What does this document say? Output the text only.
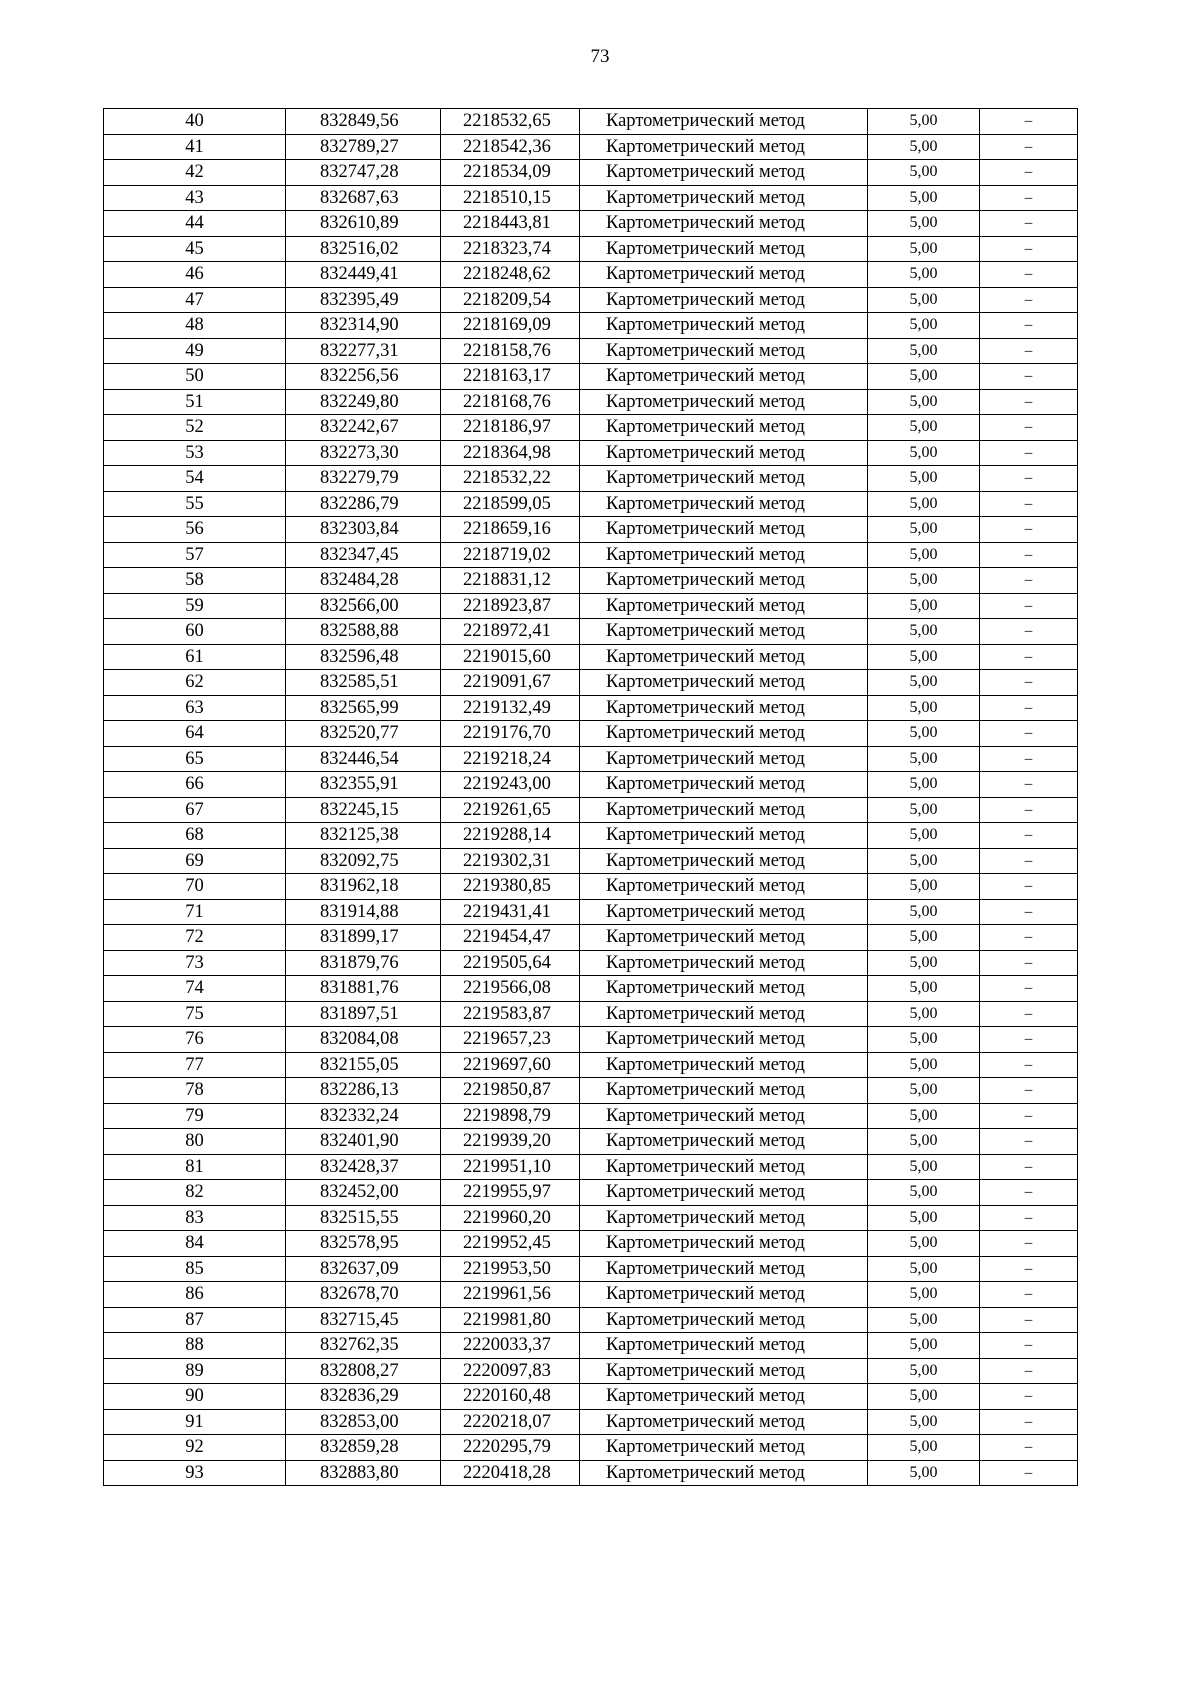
73
40	832849,56	2218532,65	Картометрический метод	5,00	–
41	832789,27	2218542,36	Картометрический метод	5,00	–
42	832747,28	2218534,09	Картометрический метод	5,00	–
43	832687,63	2218510,15	Картометрический метод	5,00	–
44	832610,89	2218443,81	Картометрический метод	5,00	–
45	832516,02	2218323,74	Картометрический метод	5,00	–
46	832449,41	2218248,62	Картометрический метод	5,00	–
47	832395,49	2218209,54	Картометрический метод	5,00	–
48	832314,90	2218169,09	Картометрический метод	5,00	–
49	832277,31	2218158,76	Картометрический метод	5,00	–
50	832256,56	2218163,17	Картометрический метод	5,00	–
51	832249,80	2218168,76	Картометрический метод	5,00	–
52	832242,67	2218186,97	Картометрический метод	5,00	–
53	832273,30	2218364,98	Картометрический метод	5,00	–
54	832279,79	2218532,22	Картометрический метод	5,00	–
55	832286,79	2218599,05	Картометрический метод	5,00	–
56	832303,84	2218659,16	Картометрический метод	5,00	–
57	832347,45	2218719,02	Картометрический метод	5,00	–
58	832484,28	2218831,12	Картометрический метод	5,00	–
59	832566,00	2218923,87	Картометрический метод	5,00	–
60	832588,88	2218972,41	Картометрический метод	5,00	–
61	832596,48	2219015,60	Картометрический метод	5,00	–
62	832585,51	2219091,67	Картометрический метод	5,00	–
63	832565,99	2219132,49	Картометрический метод	5,00	–
64	832520,77	2219176,70	Картометрический метод	5,00	–
65	832446,54	2219218,24	Картометрический метод	5,00	–
66	832355,91	2219243,00	Картометрический метод	5,00	–
67	832245,15	2219261,65	Картометрический метод	5,00	–
68	832125,38	2219288,14	Картометрический метод	5,00	–
69	832092,75	2219302,31	Картометрический метод	5,00	–
70	831962,18	2219380,85	Картометрический метод	5,00	–
71	831914,88	2219431,41	Картометрический метод	5,00	–
72	831899,17	2219454,47	Картометрический метод	5,00	–
73	831879,76	2219505,64	Картометрический метод	5,00	–
74	831881,76	2219566,08	Картометрический метод	5,00	–
75	831897,51	2219583,87	Картометрический метод	5,00	–
76	832084,08	2219657,23	Картометрический метод	5,00	–
77	832155,05	2219697,60	Картометрический метод	5,00	–
78	832286,13	2219850,87	Картометрический метод	5,00	–
79	832332,24	2219898,79	Картометрический метод	5,00	–
80	832401,90	2219939,20	Картометрический метод	5,00	–
81	832428,37	2219951,10	Картометрический метод	5,00	–
82	832452,00	2219955,97	Картометрический метод	5,00	–
83	832515,55	2219960,20	Картометрический метод	5,00	–
84	832578,95	2219952,45	Картометрический метод	5,00	–
85	832637,09	2219953,50	Картометрический метод	5,00	–
86	832678,70	2219961,56	Картометрический метод	5,00	–
87	832715,45	2219981,80	Картометрический метод	5,00	–
88	832762,35	2220033,37	Картометрический метод	5,00	–
89	832808,27	2220097,83	Картометрический метод	5,00	–
90	832836,29	2220160,48	Картометрический метод	5,00	–
91	832853,00	2220218,07	Картометрический метод	5,00	–
92	832859,28	2220295,79	Картометрический метод	5,00	–
93	832883,80	2220418,28	Картометрический метод	5,00	–
